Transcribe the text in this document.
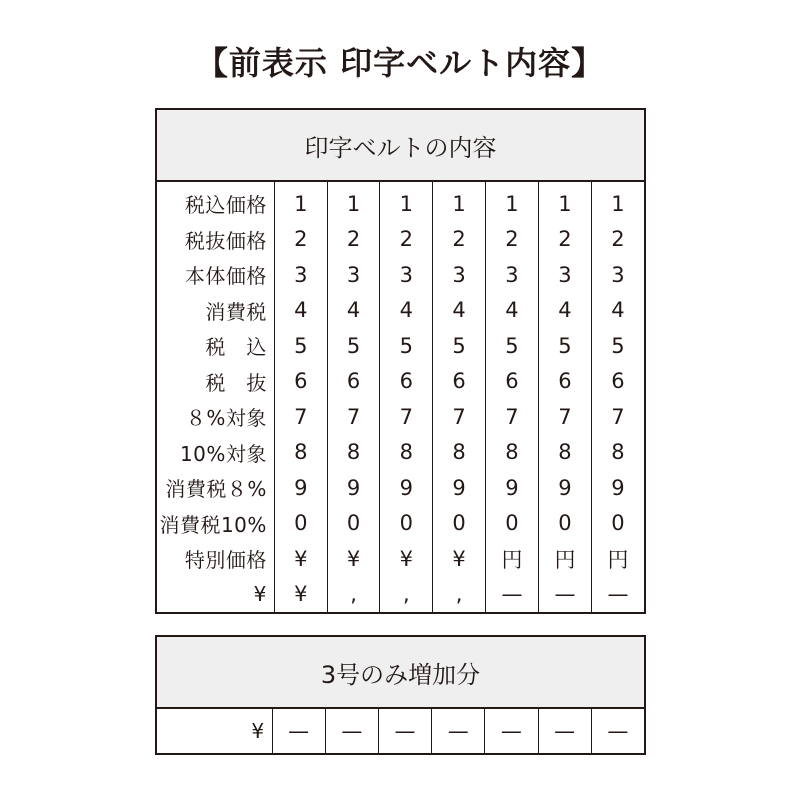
【前表示 印字ベルト内容】
印字ベルトの内容							
税込価格	1	1	1	1	1	1	1
税抜価格	2	2	2	2	2	2	2
本体価格	3	3	3	3	3	3	3
消費税	4	4	4	4	4	4	4
税　込	5	5	5	5	5	5	5
税　抜	6	6	6	6	6	6	6
８%対象	7	7	7	7	7	7	7
10%対象	8	8	8	8	8	8	8
消費税８%	9	9	9	9	9	9	9
消費税10%	0	0	0	0	0	0	0
特別価格	¥	¥	¥	¥	円	円	円
¥	¥	,	,	,	—	—	—
3号のみ増加分
¥	—	—	—	—	—	—	—
